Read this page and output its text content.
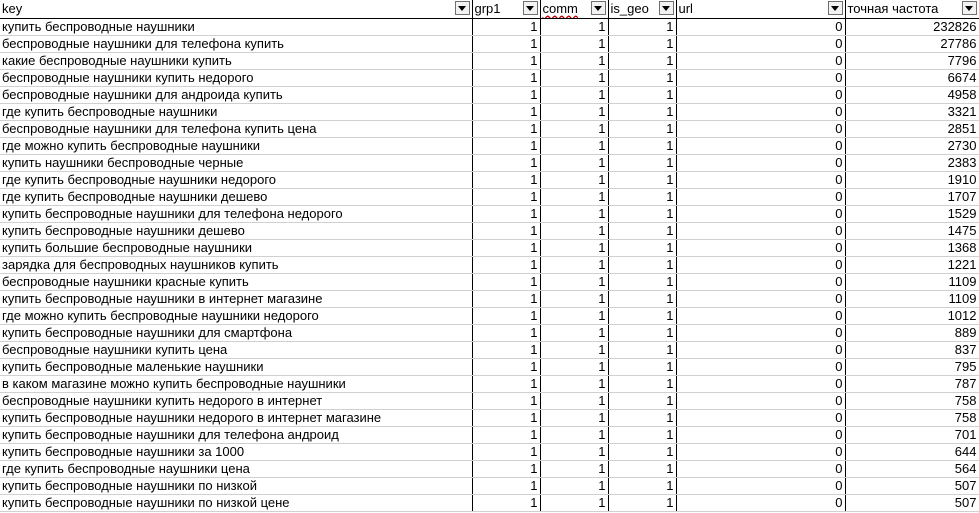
key	grp1	comm	is_geo	url	точная частота

купить беспроводные наушники	1	1	1	0	232826
беспроводные наушники для телефона купить	1	1	1	0	27786
какие беспроводные наушники купить	1	1	1	0	7796
беспроводные наушники купить недорого	1	1	1	0	6674
беспроводные наушники для андроида купить	1	1	1	0	4958
где купить беспроводные наушники	1	1	1	0	3321
беспроводные наушники для телефона купить цена	1	1	1	0	2851
где можно купить беспроводные наушники	1	1	1	0	2730
купить наушники беспроводные черные	1	1	1	0	2383
где купить беспроводные наушники недорого	1	1	1	0	1910
где купить беспроводные наушники дешево	1	1	1	0	1707
купить беспроводные наушники для телефона недорого	1	1	1	0	1529
купить беспроводные наушники дешево	1	1	1	0	1475
купить большие беспроводные наушники	1	1	1	0	1368
зарядка для беспроводных наушников купить	1	1	1	0	1221
беспроводные наушники красные купить	1	1	1	0	1109
купить беспроводные наушники в интернет магазине	1	1	1	0	1109
где можно купить беспроводные наушники недорого	1	1	1	0	1012
купить беспроводные наушники для смартфона	1	1	1	0	889
беспроводные наушники купить цена	1	1	1	0	837
купить беспроводные маленькие наушники	1	1	1	0	795
в каком магазине можно купить беспроводные наушники	1	1	1	0	787
беспроводные наушники купить недорого в интернет	1	1	1	0	758
купить беспроводные наушники недорого в интернет магазине	1	1	1	0	758
купить беспроводные наушники для телефона андроид	1	1	1	0	701
купить беспроводные наушники за 1000	1	1	1	0	644
где купить беспроводные наушники цена	1	1	1	0	564
купить беспроводные наушники по низкой	1	1	1	0	507
купить беспроводные наушники по низкой цене	1	1	1	0	507
